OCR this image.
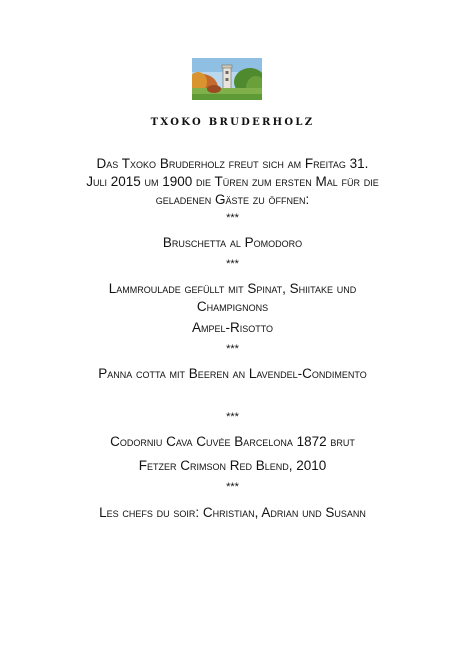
TXOKO BRUDERHOLZ
Das Txoko Bruderholz freut sich am Freitag 31.
Juli 2015 um 1900 die Türen zum ersten Mal für die
geladenen Gäste zu öffnen:
***
Bruschetta al Pomodoro
***
Lammroulade gefüllt mit Spinat, Shiitake und
Champignons
Ampel-Risotto
***
Panna cotta mit Beeren an Lavendel-Condimento
***
Codorniu Cava Cuvée Barcelona 1872 brut
Fetzer Crimson Red Blend, 2010
***
Les chefs du soir: Christian, Adrian und Susann
